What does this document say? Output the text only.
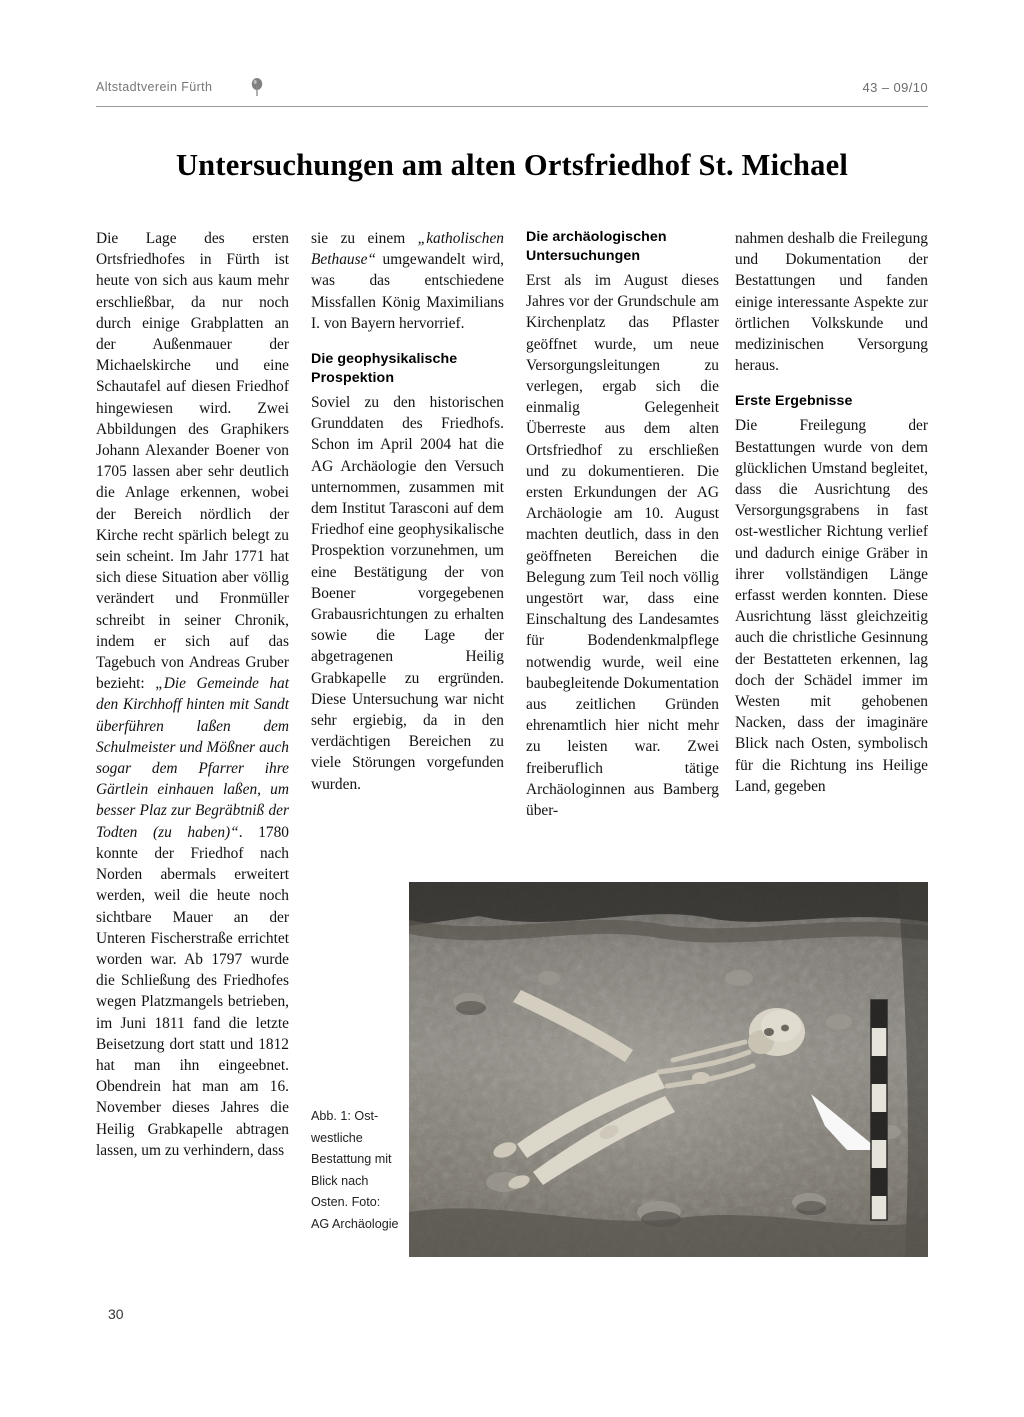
Altstadtverein Fürth	43 – 09/10
Untersuchungen am alten Ortsfriedhof St. Michael

Die Lage des ersten Ortsfriedhofes in Fürth ist heute von sich aus kaum mehr erschließbar, da nur noch durch einige Grabplatten an der Außenmauer der Michaelskirche und eine Schautafel auf diesen Friedhof hingewiesen wird. Zwei Abbildungen des Graphikers Johann Alexander Boener von 1705 lassen aber sehr deutlich die Anlage erkennen, wobei der Bereich nördlich der Kirche recht spärlich belegt zu sein scheint. Im Jahr 1771 hat sich diese Situation aber völlig verändert und Fronmüller schreibt in seiner Chronik, indem er sich auf das Tagebuch von Andreas Gruber bezieht: „Die Gemeinde hat den Kirchhoff hinten mit Sandt überführen laßen dem Schulmeister und Mößner auch sogar dem Pfarrer ihre Gärtlein einhauen laßen, um besser Plaz zur Begräbtniß der Todten (zu haben)“. 1780 konnte der Friedhof nach Norden abermals erweitert werden, weil die heute noch sichtbare Mauer an der Unteren Fischerstraße errichtet worden war. Ab 1797 wurde die Schließung des Friedhofes wegen Platzmangels betrieben, im Juni 1811 fand die letzte Beisetzung dort statt und 1812 hat man ihn eingeebnet. Obendrein hat man am 16. November dieses Jahres die Heilig Grabkapelle abtragen lassen, um zu verhindern, dass

sie zu einem „katholischen Bethause“ umgewandelt wird, was das entschiedene Missfallen König Maximilians I. von Bayern hervorrief.

Die geophysikalische Prospektion

Soviel zu den historischen Grunddaten des Friedhofs. Schon im April 2004 hat die AG Archäologie den Versuch unternommen, zusammen mit dem Institut Tarasconi auf dem Friedhof eine geophysikalische Prospektion vorzunehmen, um eine Bestätigung der von Boener vorgegebenen Grabausrichtungen zu erhalten sowie die Lage der abgetragenen Heilig Grabkapelle zu ergründen. Diese Untersuchung war nicht sehr ergiebig, da in den verdächtigen Bereichen zu viele Störungen vorgefunden wurden.

Die archäologischen Untersuchungen

Erst als im August dieses Jahres vor der Grundschule am Kirchenplatz das Pflaster geöffnet wurde, um neue Versorgungsleitungen zu verlegen, ergab sich die einmalig Gelegenheit Überreste aus dem alten Ortsfriedhof zu erschließen und zu dokumentieren. Die ersten Erkundungen der AG Archäologie am 10. August machten deutlich, dass in den geöffneten Bereichen die Belegung zum Teil noch völlig ungestört war, dass eine Einschaltung des Landesamtes für Bodendenkmalpflege notwendig wurde, weil eine baubegleitende Dokumentation aus zeitlichen Gründen ehrenamtlich hier nicht mehr zu leisten war. Zwei freiberuflich tätige Archäologinnen aus Bamberg über-

nahmen deshalb die Freilegung und Dokumentation der Bestattungen und fanden einige interessante Aspekte zur örtlichen Volkskunde und medizinischen Versorgung heraus.

Erste Ergebnisse

Die Freilegung der Bestattungen wurde von dem glücklichen Umstand begleitet, dass die Ausrichtung des Versorgungsgrabens in fast ost-westlicher Richtung verlief und dadurch einige Gräber in ihrer vollständigen Länge erfasst werden konnten. Diese Ausrichtung lässt gleichzeitig auch die christliche Gesinnung der Bestatteten erkennen, lag doch der Schädel immer im Westen mit gehobenen Nacken, dass der imaginäre Blick nach Osten, symbolisch für die Richtung ins Heilige Land, gegeben

Abb. 1: Ost-westliche Bestattung mit Blick nach Osten. Foto: AG Archäologie
30
